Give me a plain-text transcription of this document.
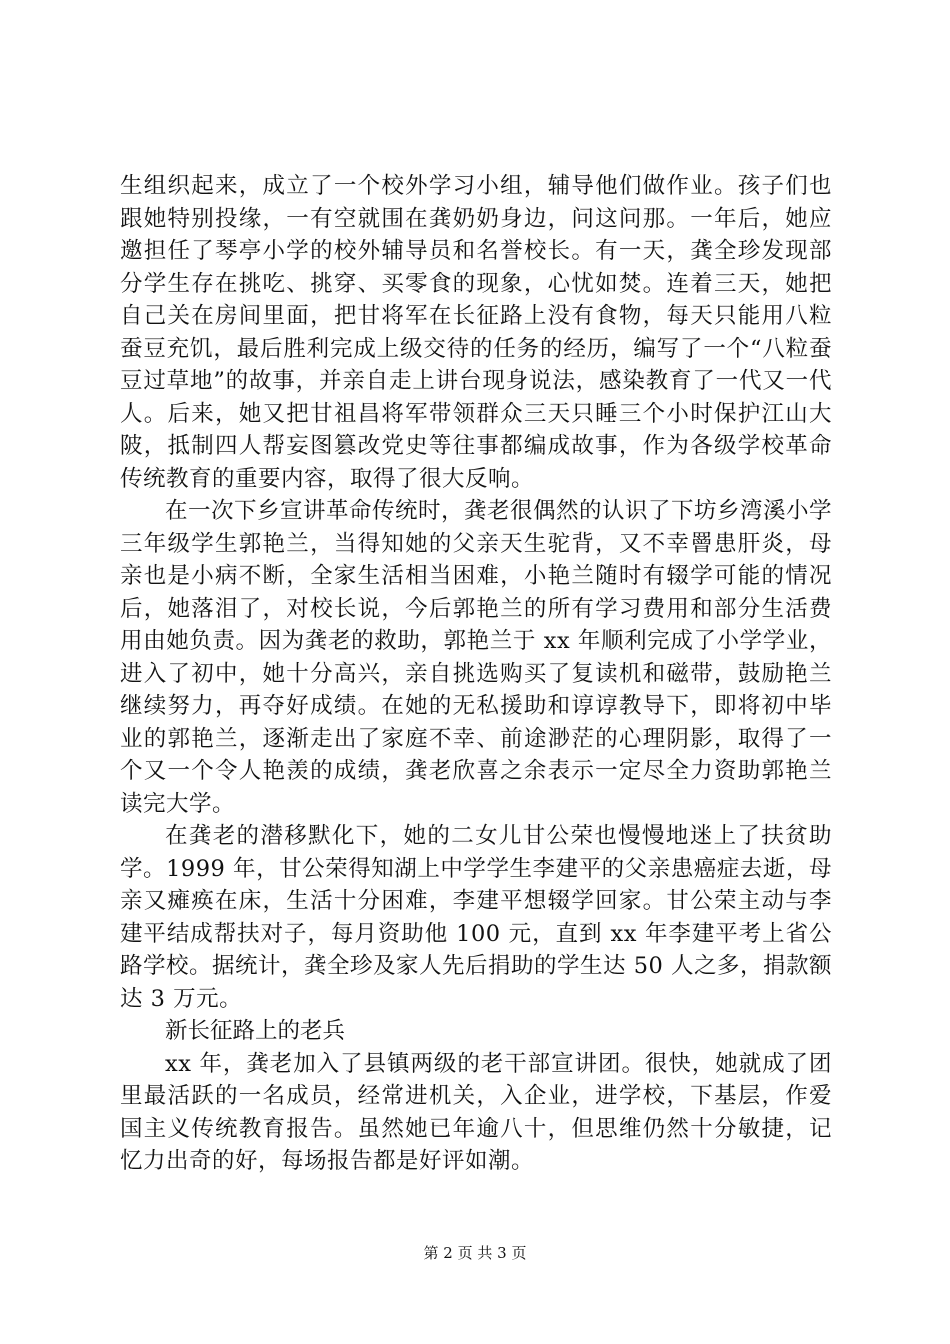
生组织起来，成立了一个校外学习小组，辅导他们做作业。孩子们也跟她特别投缘，一有空就围在龚奶奶身边，问这问那。一年后，她应邀担任了琴亭小学的校外辅导员和名誉校长。有一天，龚全珍发现部分学生存在挑吃、挑穿、买零食的现象，心忧如焚。连着三天，她把自己关在房间里面，把甘将军在长征路上没有食物，每天只能用八粒蚕豆充饥，最后胜利完成上级交待的任务的经历，编写了一个“八粒蚕豆过草地”的故事，并亲自走上讲台现身说法，感染教育了一代又一代人。后来，她又把甘祖昌将军带领群众三天只睡三个小时保护江山大陂，抵制四人帮妄图篡改党史等往事都编成故事，作为各级学校革命传统教育的重要内容，取得了很大反响。

在一次下乡宣讲革命传统时，龚老很偶然的认识了下坊乡湾溪小学三年级学生郭艳兰，当得知她的父亲天生驼背，又不幸罾患肝炎，母亲也是小病不断，全家生活相当困难，小艳兰随时有辍学可能的情况后，她落泪了，对校长说，今后郭艳兰的所有学习费用和部分生活费用由她负责。因为龚老的救助，郭艳兰于 xx 年顺利完成了小学学业，进入了初中，她十分高兴，亲自挑选购买了复读机和磁带，鼓励艳兰继续努力，再夺好成绩。在她的无私援助和谆谆教导下，即将初中毕业的郭艳兰，逐渐走出了家庭不幸、前途渺茫的心理阴影，取得了一个又一个令人艳羡的成绩，龚老欣喜之余表示一定尽全力资助郭艳兰读完大学。

在龚老的潜移默化下，她的二女儿甘公荣也慢慢地迷上了扶贫助学。1999 年，甘公荣得知湖上中学学生李建平的父亲患癌症去逝，母亲又瘫痪在床，生活十分困难，李建平想辍学回家。甘公荣主动与李建平结成帮扶对子，每月资助他 100 元，直到 xx 年李建平考上省公路学校。据统计，龚全珍及家人先后捐助的学生达 50 人之多，捐款额达 3 万元。

新长征路上的老兵

xx 年，龚老加入了县镇两级的老干部宣讲团。很快，她就成了团里最活跃的一名成员，经常进机关，入企业，进学校，下基层，作爱国主义传统教育报告。虽然她已年逾八十，但思维仍然十分敏捷，记忆力出奇的好，每场报告都是好评如潮。

第 2 页 共 3 页
